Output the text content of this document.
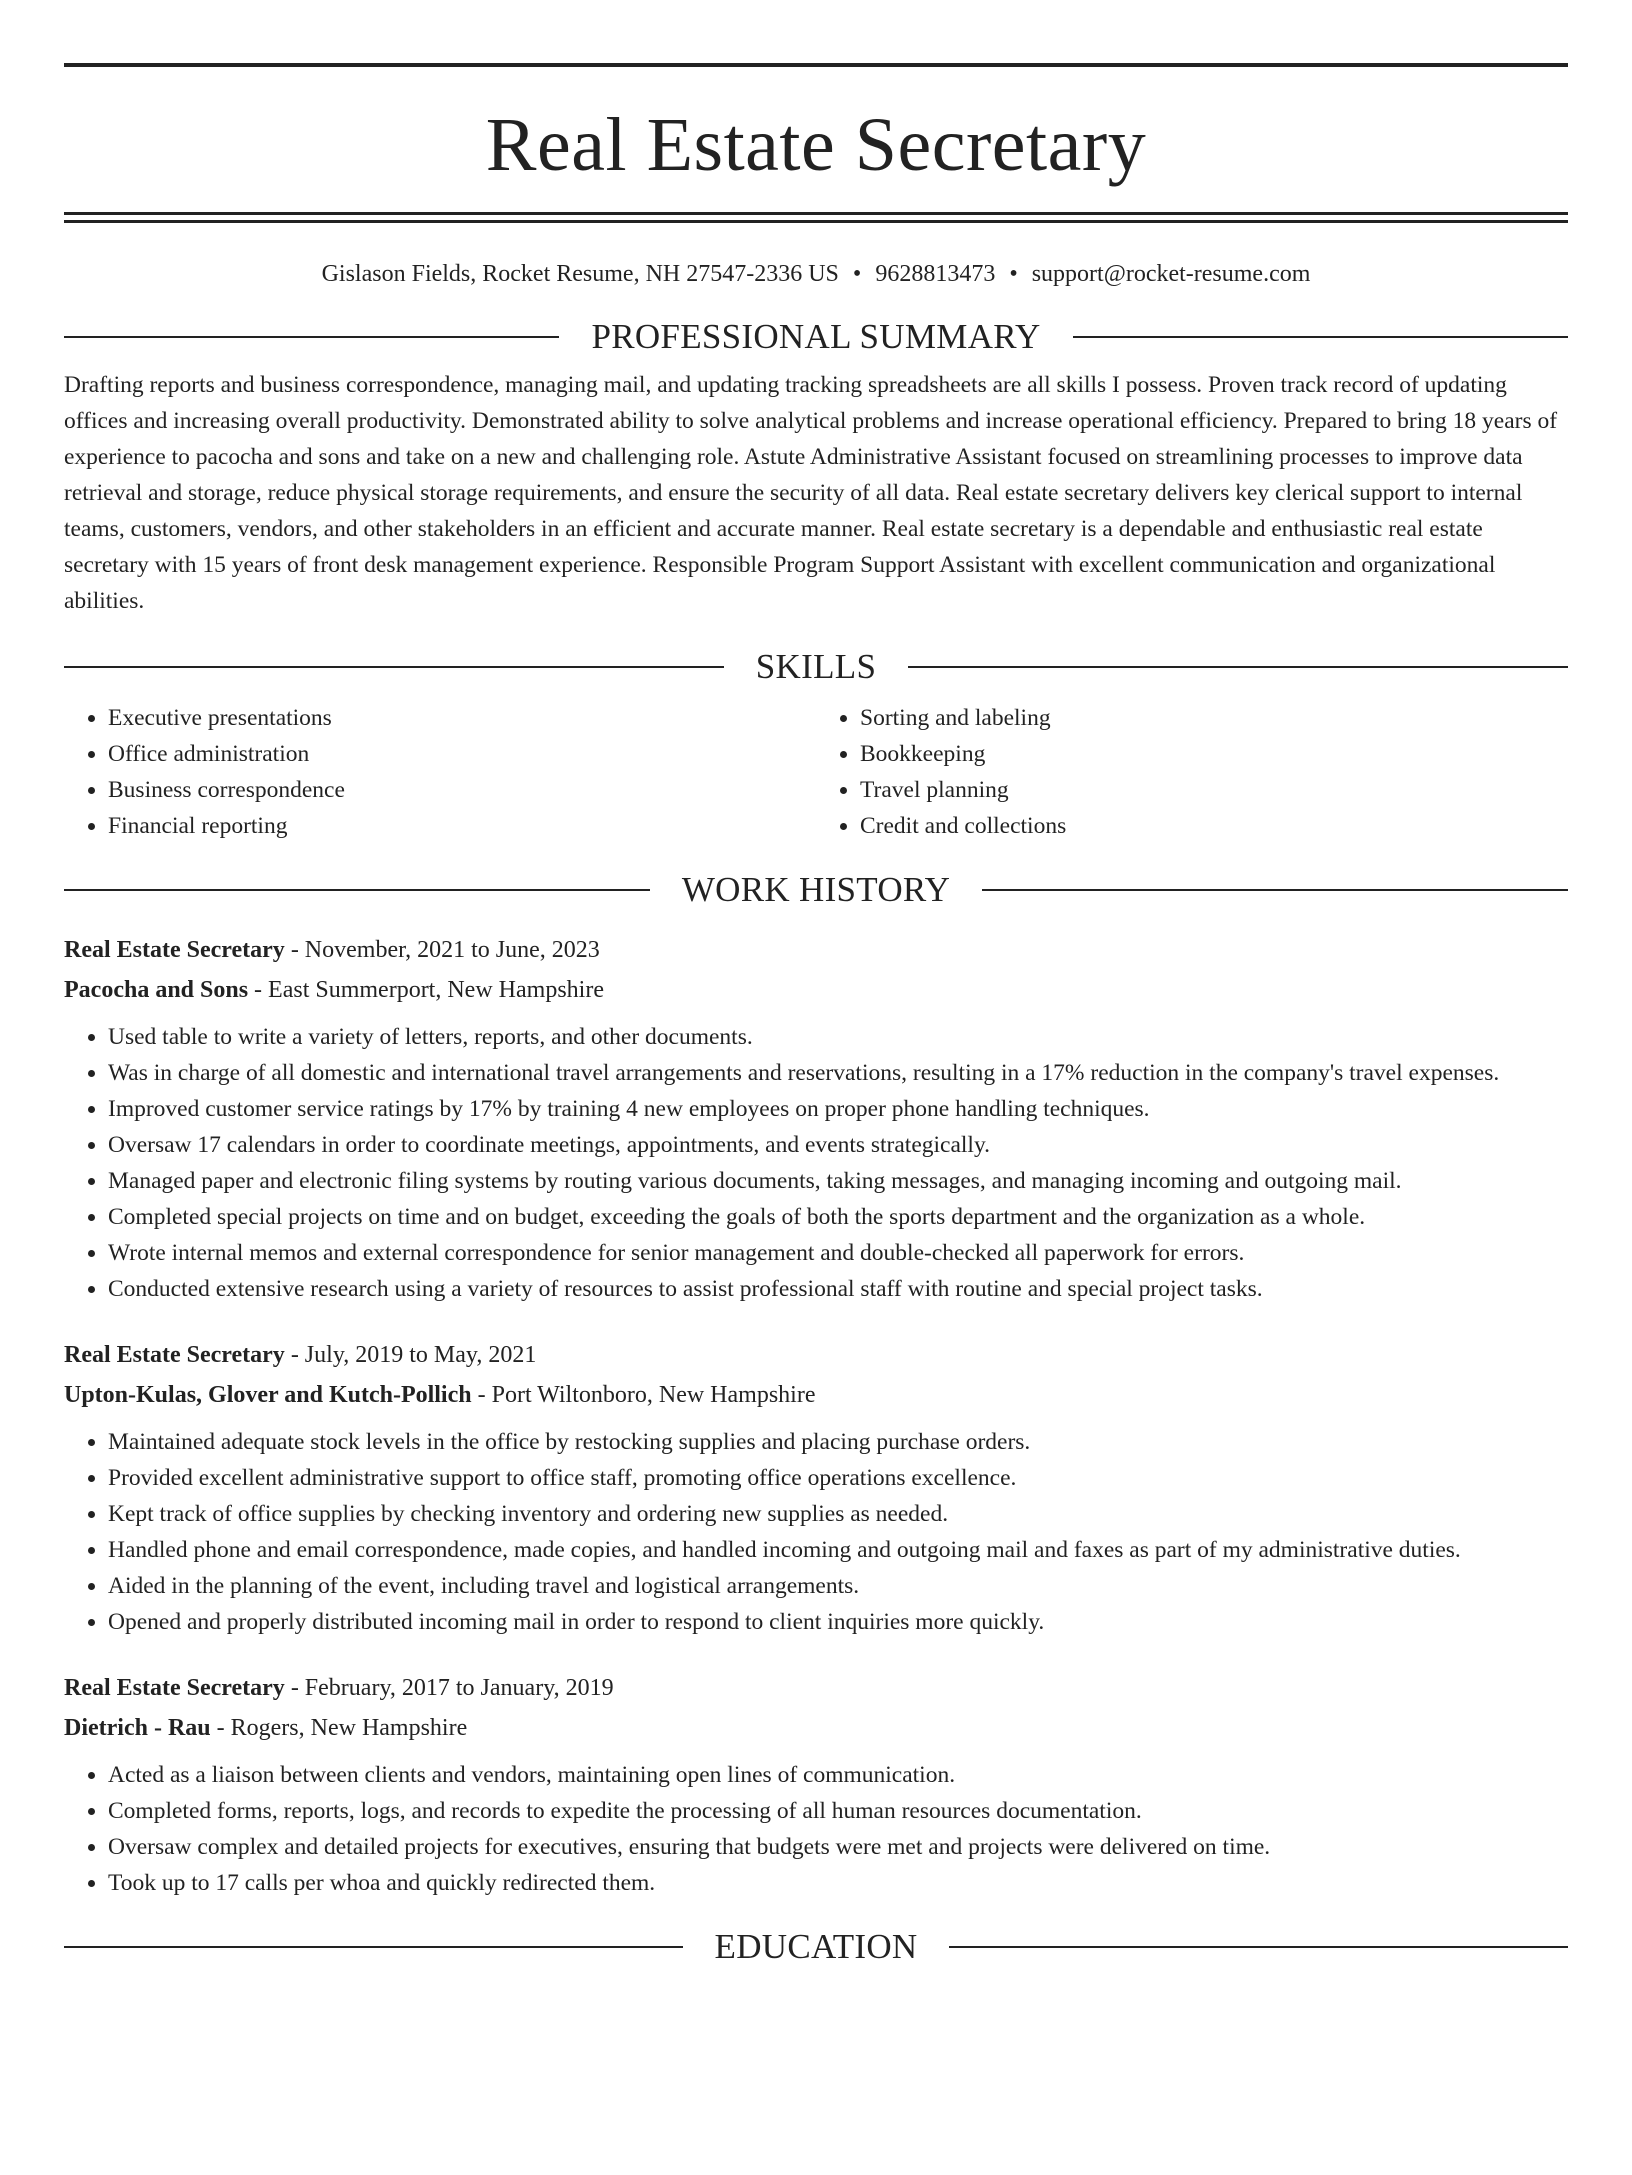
Real Estate Secretary
Gislason Fields, Rocket Resume, NH 27547-2336 US • 9628813473 • support@rocket-resume.com
PROFESSIONAL SUMMARY
Drafting reports and business correspondence, managing mail, and updating tracking spreadsheets are all skills I possess. Proven track record of updating offices and increasing overall productivity. Demonstrated ability to solve analytical problems and increase operational efficiency. Prepared to bring 18 years of experience to pacocha and sons and take on a new and challenging role. Astute Administrative Assistant focused on streamlining processes to improve data retrieval and storage, reduce physical storage requirements, and ensure the security of all data. Real estate secretary delivers key clerical support to internal teams, customers, vendors, and other stakeholders in an efficient and accurate manner. Real estate secretary is a dependable and enthusiastic real estate secretary with 15 years of front desk management experience. Responsible Program Support Assistant with excellent communication and organizational abilities.
SKILLS
• Executive presentations
• Office administration
• Business correspondence
• Financial reporting
• Sorting and labeling
• Bookkeeping
• Travel planning
• Credit and collections
WORK HISTORY
Real Estate Secretary - November, 2021 to June, 2023
Pacocha and Sons - East Summerport, New Hampshire
• Used table to write a variety of letters, reports, and other documents.
• Was in charge of all domestic and international travel arrangements and reservations, resulting in a 17% reduction in the company's travel expenses.
• Improved customer service ratings by 17% by training 4 new employees on proper phone handling techniques.
• Oversaw 17 calendars in order to coordinate meetings, appointments, and events strategically.
• Managed paper and electronic filing systems by routing various documents, taking messages, and managing incoming and outgoing mail.
• Completed special projects on time and on budget, exceeding the goals of both the sports department and the organization as a whole.
• Wrote internal memos and external correspondence for senior management and double-checked all paperwork for errors.
• Conducted extensive research using a variety of resources to assist professional staff with routine and special project tasks.
Real Estate Secretary - July, 2019 to May, 2021
Upton-Kulas, Glover and Kutch-Pollich - Port Wiltonboro, New Hampshire
• Maintained adequate stock levels in the office by restocking supplies and placing purchase orders.
• Provided excellent administrative support to office staff, promoting office operations excellence.
• Kept track of office supplies by checking inventory and ordering new supplies as needed.
• Handled phone and email correspondence, made copies, and handled incoming and outgoing mail and faxes as part of my administrative duties.
• Aided in the planning of the event, including travel and logistical arrangements.
• Opened and properly distributed incoming mail in order to respond to client inquiries more quickly.
Real Estate Secretary - February, 2017 to January, 2019
Dietrich - Rau - Rogers, New Hampshire
• Acted as a liaison between clients and vendors, maintaining open lines of communication.
• Completed forms, reports, logs, and records to expedite the processing of all human resources documentation.
• Oversaw complex and detailed projects for executives, ensuring that budgets were met and projects were delivered on time.
• Took up to 17 calls per whoa and quickly redirected them.
EDUCATION
